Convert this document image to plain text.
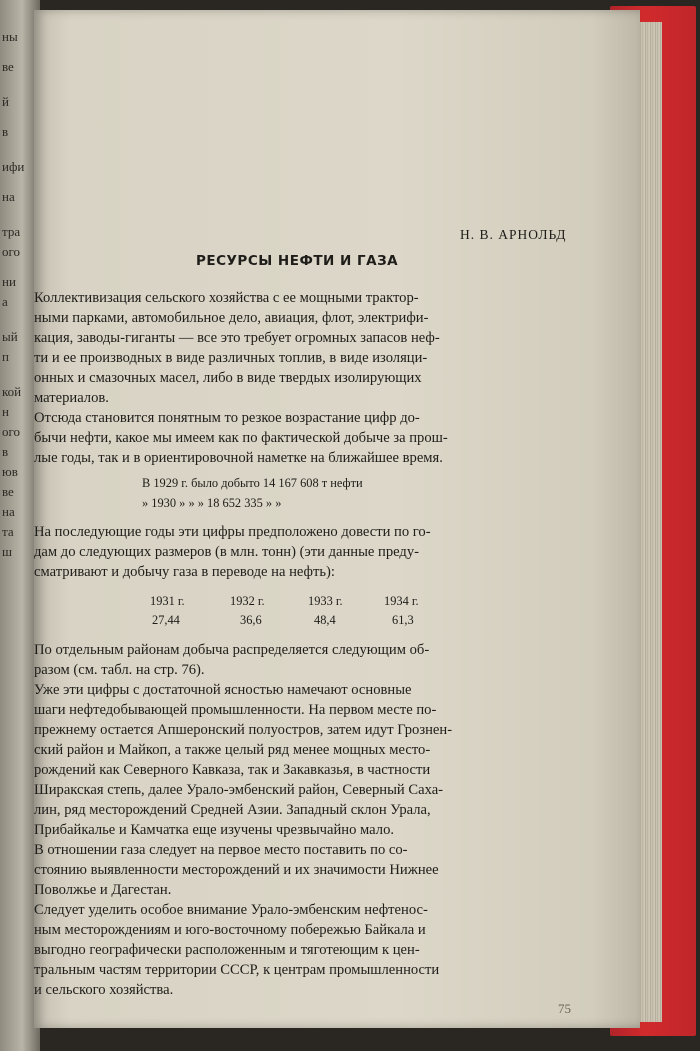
ны
ве
й
в
ифи
на
тра
ого
ни
а
ый
п
кой
н
ого
в
юв
ве
на
та
ш

Н. В. АРНОЛЬД

РЕСУРСЫ НЕФТИ И ГАЗА

Коллективизация сельского хозяйства с ее мощными трактор-

ными парками, автомобильное дело, авиация, флот, электрифи-

кация, заводы-гиганты — все это требует огромных запасов неф-

ти и ее производных в виде различных топлив, в виде изоляци-

онных и смазочных масел, либо в виде твердых изолирующих

материалов.

Отсюда становится понятным то резкое возрастание цифр до-

бычи нефти, какое мы имеем как по фактической добыче за прош-

лые годы, так и в ориентировочной наметке на ближайшее время.

В 1929 г. было добыто 14 167 608 т нефти

» 1930 » » » 18 652 335 » »

На последующие годы эти цифры предположено довести по го-

дам до следующих размеров (в млн. тонн) (эти данные преду-

сматривают и добычу газа в переводе на нефть):

1931 г.	1932 г.	1933 г.	1934 г.

27,44	36,6	48,4	61,3

По отдельным районам добыча распределяется следующим об-

разом (см. табл. на стр. 76).

Уже эти цифры с достаточной ясностью намечают основные

шаги нефтедобывающей промышленности. На первом месте по-

прежнему остается Апшеронский полуостров, затем идут Грознен-

ский район и Майкоп, а также целый ряд менее мощных место-

рождений как Северного Кавказа, так и Закавказья, в частности

Ширакская степь, далее Урало-эмбенский район, Северный Саха-

лин, ряд месторождений Средней Азии. Западный склон Урала,

Прибайкалье и Камчатка еще изучены чрезвычайно мало.

В отношении газа следует на первое место поставить по со-

стоянию выявленности месторождений и их значимости Нижнее

Поволжье и Дагестан.

Следует уделить особое внимание Урало-эмбенским нефтенос-

ным месторождениям и юго-восточному побережью Байкала и

выгодно географически расположенным и тяготеющим к цен-

тральным частям территории СССР, к центрам промышленности

и сельского хозяйства.

75
